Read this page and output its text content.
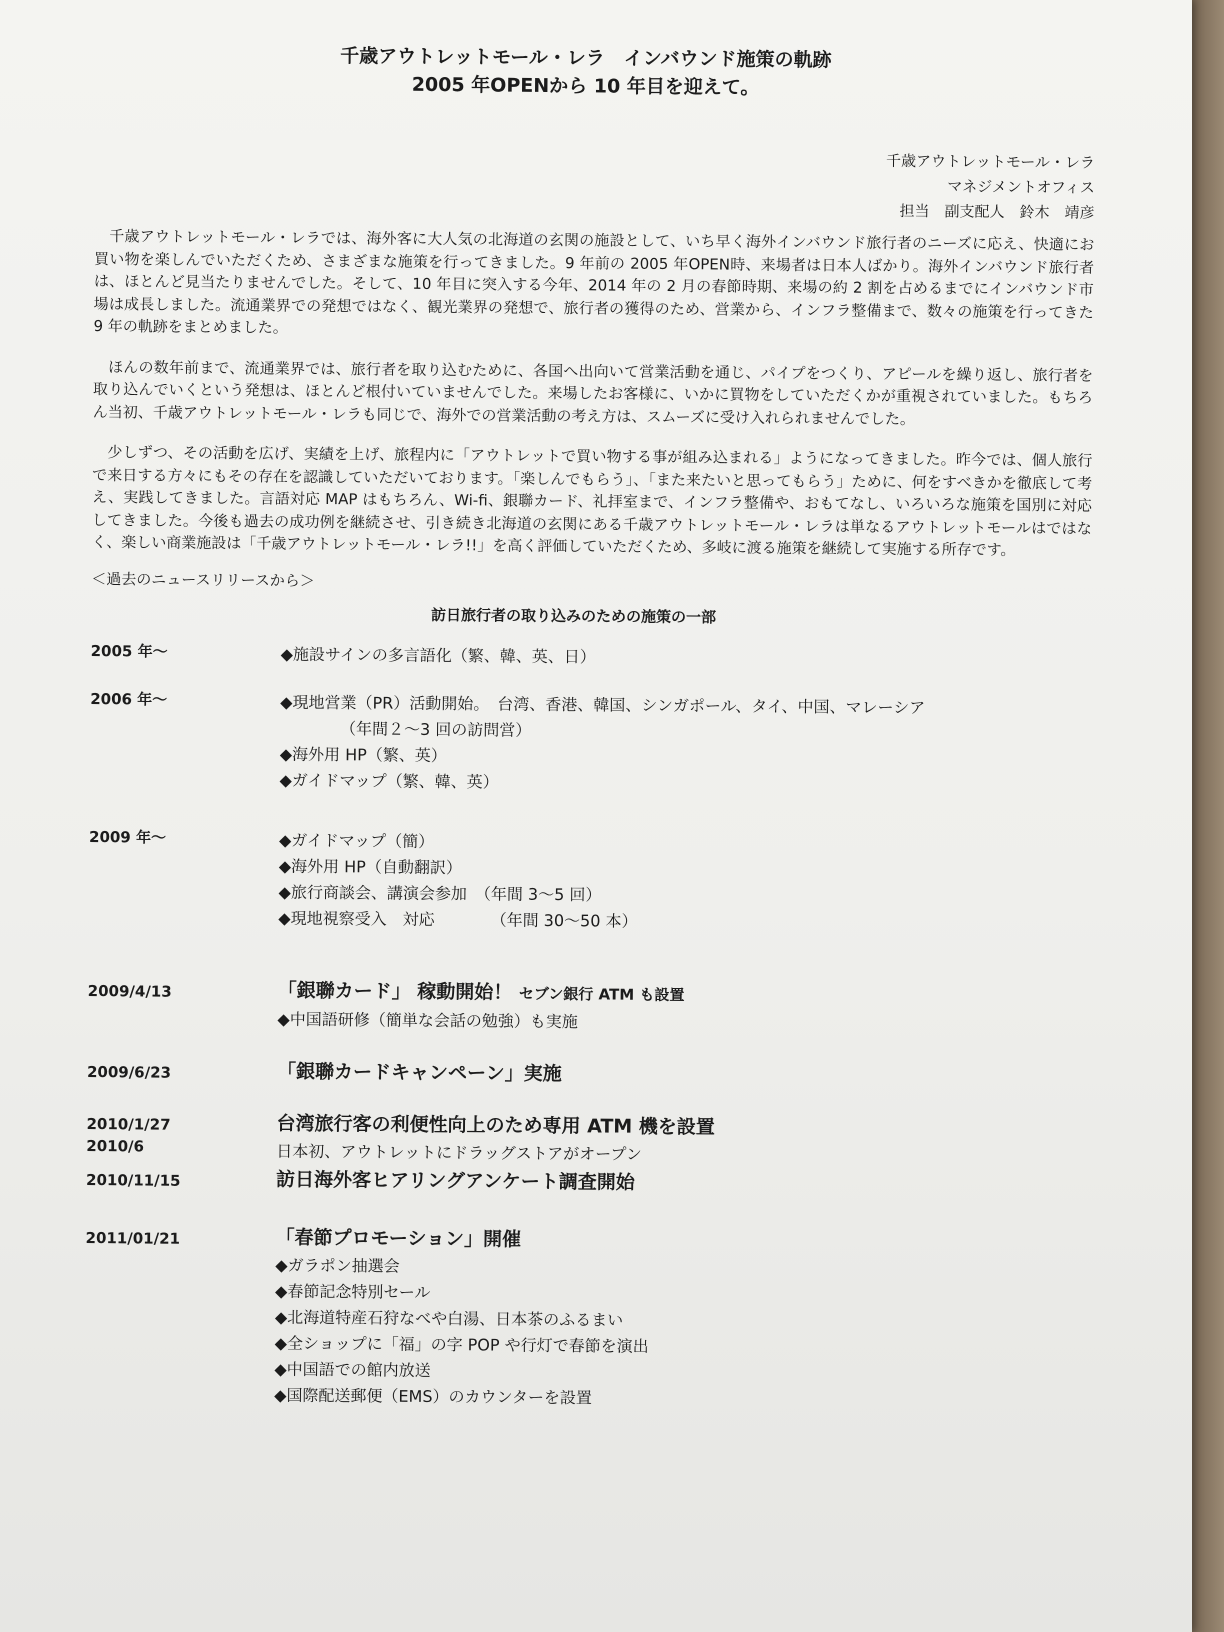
千歳アウトレットモール・レラ　インバウンド施策の軌跡
2005 年OPENから 10 年目を迎えて。
千歳アウトレットモール・レラ
マネジメントオフィス
担当　副支配人　鈴木　靖彦

千歳アウトレットモール・レラでは、海外客に大人気の北海道の玄関の施設として、いち早く海外インバウンド旅行者のニーズに応え、快適にお買い物を楽しんでいただくため、さまざまな施策を行ってきました。9 年前の 2005 年OPEN時、来場者は日本人ばかり。海外インバウンド旅行者は、ほとんど見当たりませんでした。そして、10 年目に突入する今年、2014 年の 2 月の春節時期、来場の約 2 割を占めるまでにインバウンド市場は成長しました。流通業界での発想ではなく、観光業界の発想で、旅行者の獲得のため、営業から、インフラ整備まで、数々の施策を行ってきた 9 年の軌跡をまとめました。

ほんの数年前まで、流通業界では、旅行者を取り込むために、各国へ出向いて営業活動を通じ、パイプをつくり、アピールを繰り返し、旅行者を取り込んでいくという発想は、ほとんど根付いていませんでした。来場したお客様に、いかに買物をしていただくかが重視されていました。もちろん当初、千歳アウトレットモール・レラも同じで、海外での営業活動の考え方は、スムーズに受け入れられませんでした。

少しずつ、その活動を広げ、実績を上げ、旅程内に「アウトレットで買い物する事が組み込まれる」ようになってきました。昨今では、個人旅行で来日する方々にもその存在を認識していただいております。「楽しんでもらう」、「また来たいと思ってもらう」ために、何をすべきかを徹底して考え、実践してきました。言語対応 MAP はもちろん、Wi-fi、銀聯カード、礼拝室まで、インフラ整備や、おもてなし、いろいろな施策を国別に対応してきました。今後も過去の成功例を継続させ、引き続き北海道の玄関にある千歳アウトレットモール・レラは単なるアウトレットモールはではなく、楽しい商業施設は「千歳アウトレットモール・レラ!!」を高く評価していただくため、多岐に渡る施策を継続して実施する所存です。

＜過去のニュースリリースから＞
訪日旅行者の取り込みのための施策の一部
2005 年～	◆施設サインの多言語化（繁、韓、英、日）
2006 年～	◆現地営業（PR）活動開始。　台湾、香港、韓国、シンガポール、タイ、中国、マレーシア
（年間２～3 回の訪問営）
◆海外用 HP（繁、英）
◆ガイドマップ（繁、韓、英）
2009 年～	◆ガイドマップ（簡）
◆海外用 HP（自動翻訳）
◆旅行商談会、講演会参加　（年間 3～5 回）
◆現地視察受入　対応　　　　（年間 30～50 本）
2009/4/13	「銀聯カード」 稼動開始！ セブン銀行 ATM も設置
◆中国語研修（簡単な会話の勉強）も実施
2009/6/23	「銀聯カードキャンペーン」実施
2010/1/27	台湾旅行客の利便性向上のため専用 ATM 機を設置
2010/6	日本初、アウトレットにドラッグストアがオープン
2010/11/15	訪日海外客ヒアリングアンケート調査開始
2011/01/21	「春節プロモーション」開催
◆ガラポン抽選会
◆春節記念特別セール
◆北海道特産石狩なべや白湯、日本茶のふるまい
◆全ショップに「福」の字 POP や行灯で春節を演出
◆中国語での館内放送
◆国際配送郵便（EMS）のカウンターを設置
